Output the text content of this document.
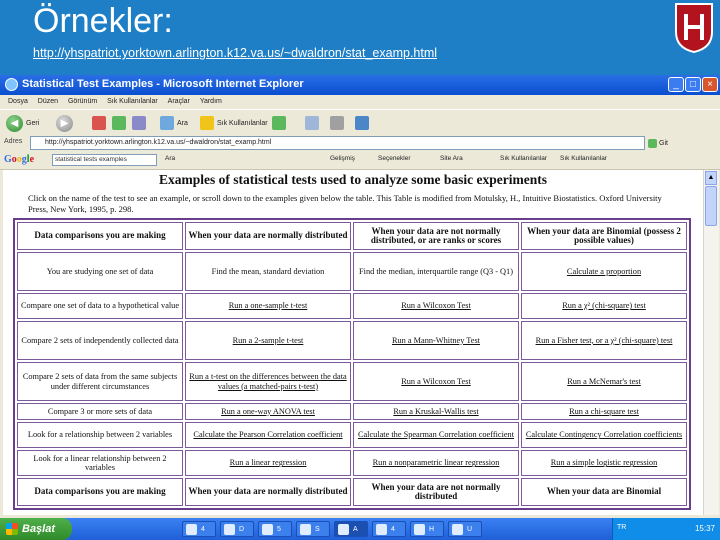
Örnekler:
http://yhspatriot.yorktown.arlington.k12.va.us/~dwaldron/stat_examp.html
Statistical Test Examples - Microsoft Internet Explorer	_	□	×
Dosya Düzen Görünüm Sık Kullanılanlar Araçlar Yardım
◀	Geri	▶	Ara	Sık Kullanılanlar
Adres	http://yhspatriot.yorktown.arlington.k12.va.us/~dwaldron/stat_examp.html	Git
Google	statistical tests examples	Ara	Gelişmiş	Seçenekler	Site Ara	Sık Kullanılanlar Sık Kullanılanlar
Examples of statistical tests used to analyze some basic experiments
Click on the name of the test to see an example, or scroll down to the examples given below the table. This Table is modified from Motulsky, H., Intuitive Biostatistics. Oxford University Press, New York, 1995, p. 298.
Data comparisons you are making	When your data are normally distributed	When your data are not normally distributed, or are ranks or scores	When your data are Binomial (possess 2 possible values)
You are studying one set of data	Find the mean, standard deviation	Find the median, interquartile range (Q3 - Q1)	Calculate a proportion
Compare one set of data to a hypothetical value	Run a one-sample t-test	Run a Wilcoxon Test	Run a χ² (chi-square) test
Compare 2 sets of independently collected data	Run a 2-sample t-test	Run a Mann-Whitney Test	Run a Fisher test, or a χ² (chi-square) test
Compare 2 sets of data from the same subjects under different circumstances	Run a t-test on the differences between the data values (a matched-pairs t-test)	Run a Wilcoxon Test	Run a McNemar's test
Compare 3 or more sets of data	Run a one-way ANOVA test	Run a Kruskal-Wallis test	Run a chi-square test
Look for a relationship between 2 variables	Calculate the Pearson Correlation coefficient	Calculate the Spearman Correlation coefficient	Calculate Contingency Correlation coefficients
Look for a linear relationship between 2 variables	Run a linear regression	Run a nonparametric linear regression	Run a simple logistic regression
Data comparisons you are making	When your data are normally distributed	When your data are not normally distributed	When your data are Binomial
▲
Başlat	4	D	5	S	A	4	H	U	TR	15:37
